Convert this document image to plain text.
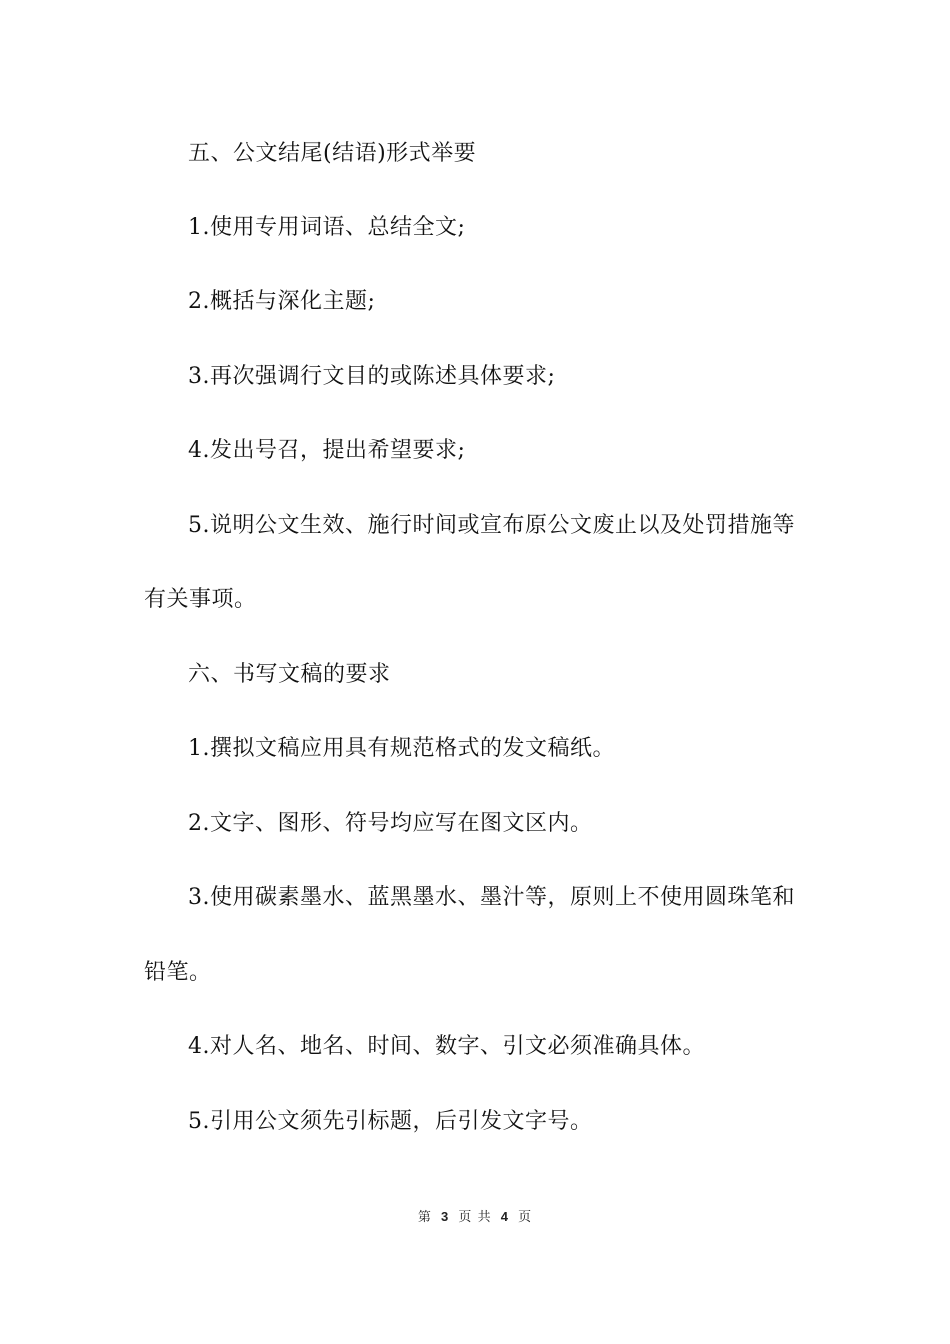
五、公文结尾(结语)形式举要
1.使用专用词语、总结全文;
2.概括与深化主题;
3.再次强调行文目的或陈述具体要求;
4.发出号召，提出希望要求;
5.说明公文生效、施行时间或宣布原公文废止以及处罚措施等
有关事项。
六、书写文稿的要求
1.撰拟文稿应用具有规范格式的发文稿纸。
2.文字、图形、符号均应写在图文区内。
3.使用碳素墨水、蓝黑墨水、墨汁等，原则上不使用圆珠笔和
铅笔。
4.对人名、地名、时间、数字、引文必须准确具体。
5.引用公文须先引标题，后引发文字号。
第 3 页 共 4 页
